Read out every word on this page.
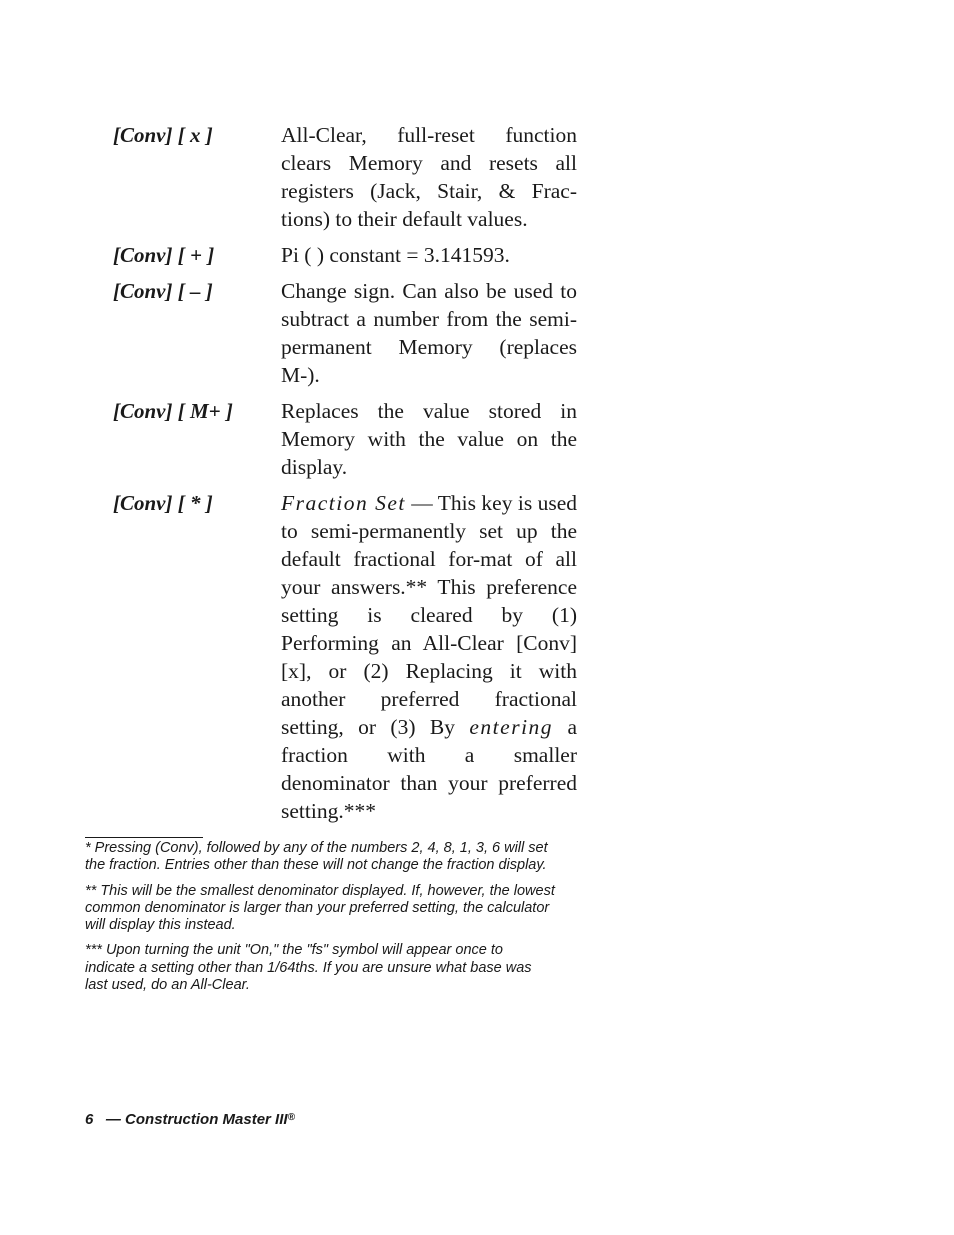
[Conv] [ x ]	All-Clear, full-reset function clears Memory and resets all registers (Jack, Stair, & Frac-tions) to their default values.
[Conv] [ + ]	Pi ( ) constant = 3.141593.
[Conv] [ – ]	Change sign. Can also be used to subtract a number from the semi-permanent Memory (replaces M-).
[Conv] [ M+ ]	Replaces the value stored in Memory with the value on the display.
[Conv] [ * ]	Fraction Set — This key is used to semi-permanently set up the default fractional for-mat of all your answers.** This preference setting is cleared by (1) Performing an All-Clear [Conv][x], or (2) Replacing it with another preferred fractional setting, or (3) By entering a fraction with a smaller denominator than your preferred setting.***
* Pressing (Conv), followed by any of the numbers 2, 4, 8, 1, 3, 6 will set the fraction. Entries other than these will not change the fraction display.
** This will be the smallest denominator displayed. If, however, the lowest common denominator is larger than your preferred setting, the calculator will display this instead.
*** Upon turning the unit "On," the "fs" symbol will appear once to indicate a setting other than 1/64ths. If you are unsure what base was last used, do an All-Clear.
6 — Construction Master III®
